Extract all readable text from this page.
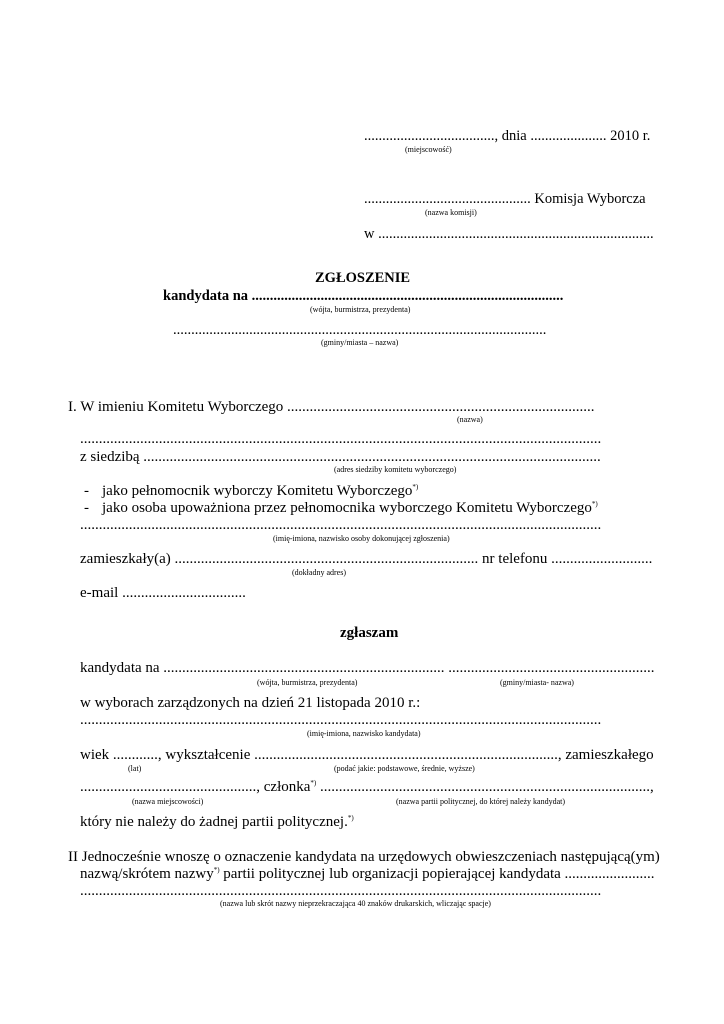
...................................., dnia ..................... 2010 r.
(miejscowość)
.............................................. Komisja Wyborcza
(nazwa komisji)
w ............................................................................
ZGŁOSZENIE
kandydata na ......................................................................................
(wójta, burmistrza, prezydenta)
.......................................................................................................
(gminy/miasta – nazwa)
I. W imieniu Komitetu Wyborczego ..................................................................................
(nazwa)
...........................................................................................................................................
z siedzibą ..........................................................................................................................
(adres siedziby komitetu wyborczego)
- jako pełnomocnik wyborczy Komitetu Wyborczego*)
- jako osoba upoważniona przez pełnomocnika wyborczego Komitetu Wyborczego*)
...........................................................................................................................................
(imię-imiona, nazwisko osoby dokonującej zgłoszenia)
zamieszkały(a) ................................................................................. nr telefonu ...........................
(dokładny adres)
e-mail .................................
zgłaszam
kandydata na ........................................................................... .......................................................
(wójta, burmistrza, prezydenta)	(gminy/miasta- nazwa)
w wyborach zarządzonych na dzień 21 listopada 2010 r.:
...........................................................................................................................................
(imię-imiona, nazwisko kandydata)
wiek ............, wykształcenie ................................................................................., zamieszkałego
(lat)	(podać jakie: podstawowe, średnie, wyższe)
..............................................., członka*) ........................................................................................,
(nazwa miejscowości)	(nazwa partii politycznej, do której należy kandydat)
który nie należy do żadnej partii politycznej.*)
II Jednocześnie wnoszę o oznaczenie kandydata na urzędowych obwieszczeniach następującą(ym)
nazwą/skrótem nazwy*) partii politycznej lub organizacji popierającej kandydata ........................
...........................................................................................................................................
(nazwa lub skrót nazwy nieprzekraczająca 40 znaków drukarskich, wliczając spacje)
